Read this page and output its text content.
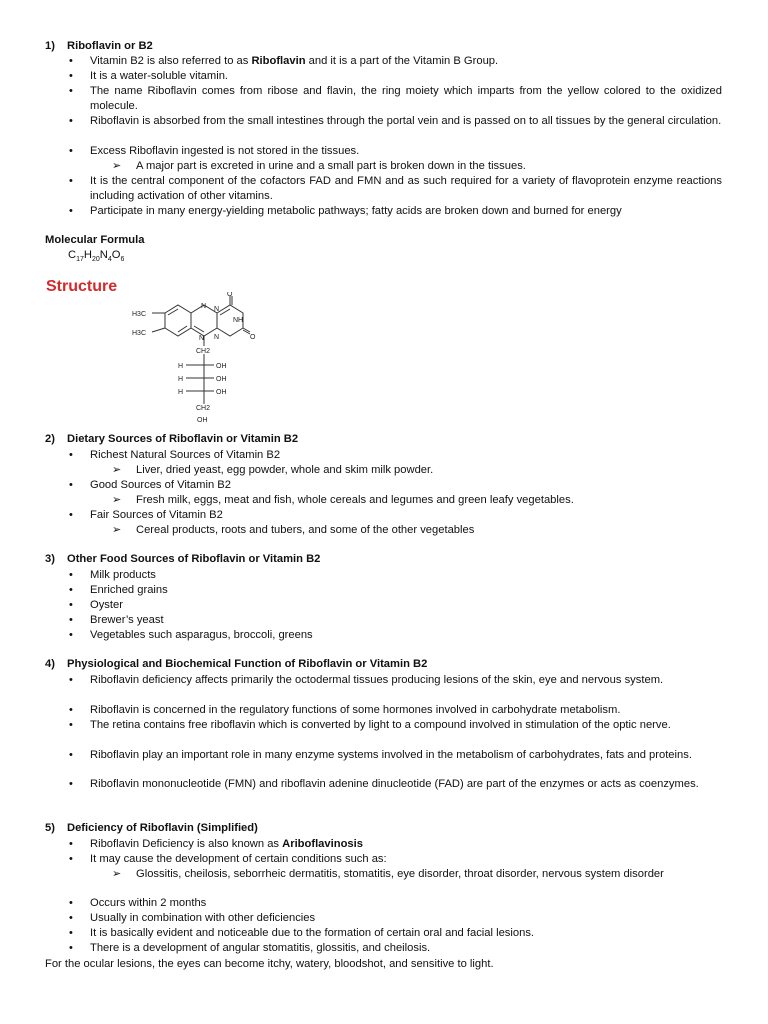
1) Riboflavin or B2
• Vitamin B2 is also referred to as Riboflavin and it is a part of the Vitamin B Group.
• It is a water-soluble vitamin.
• The name Riboflavin comes from ribose and flavin, the ring moiety which imparts from the yellow colored to the oxidized molecule.
• Riboflavin is absorbed from the small intestines through the portal vein and is passed on to all tissues by the general circulation.
• Excess Riboflavin ingested is not stored in the tissues.
➢ A major part is excreted in urine and a small part is broken down in the tissues.
• It is the central component of the cofactors FAD and FMN and as such required for a variety of flavoprotein enzyme reactions including activation of other vitamins.
• Participate in many energy-yielding metabolic pathways; fatty acids are broken down and burned for energy
Molecular Formula
$C_{17}H_{20}N_4O_6$
Structure
H3C
H3C
O
NH
O
N
N N
N
CH2
H	OH
H	OH
H	OH
CH2
OH
2) Dietary Sources of Riboflavin or Vitamin B2
• Richest Natural Sources of Vitamin B2
➢ Liver, dried yeast, egg powder, whole and skim milk powder.
• Good Sources of Vitamin B2
➢ Fresh milk, eggs, meat and fish, whole cereals and legumes and green leafy vegetables.
• Fair Sources of Vitamin B2
➢ Cereal products, roots and tubers, and some of the other vegetables
3) Other Food Sources of Riboflavin or Vitamin B2
• Milk products
• Enriched grains
• Oyster
• Brewer’s yeast
• Vegetables such asparagus, broccoli, greens
4) Physiological and Biochemical Function of Riboflavin or Vitamin B2
• Riboflavin deficiency affects primarily the octodermal tissues producing lesions of the skin, eye and nervous system.
• Riboflavin is concerned in the regulatory functions of some hormones involved in carbohydrate metabolism.
• The retina contains free riboflavin which is converted by light to a compound involved in stimulation of the optic nerve.
• Riboflavin play an important role in many enzyme systems involved in the metabolism of carbohydrates, fats and proteins.
• Riboflavin mononucleotide (FMN) and riboflavin adenine dinucleotide (FAD) are part of the enzymes or acts as coenzymes.
5) Deficiency of Riboflavin (Simplified)
• Riboflavin Deficiency is also known as Ariboflavinosis
• It may cause the development of certain conditions such as:
➢ Glossitis, cheilosis, seborrheic dermatitis, stomatitis, eye disorder, throat disorder, nervous system disorder
• Occurs within 2 months
• Usually in combination with other deficiencies
• It is basically evident and noticeable due to the formation of certain oral and facial lesions.
• There is a development of angular stomatitis, glossitis, and cheilosis.
For the ocular lesions, the eyes can become itchy, watery, bloodshot, and sensitive to light.
